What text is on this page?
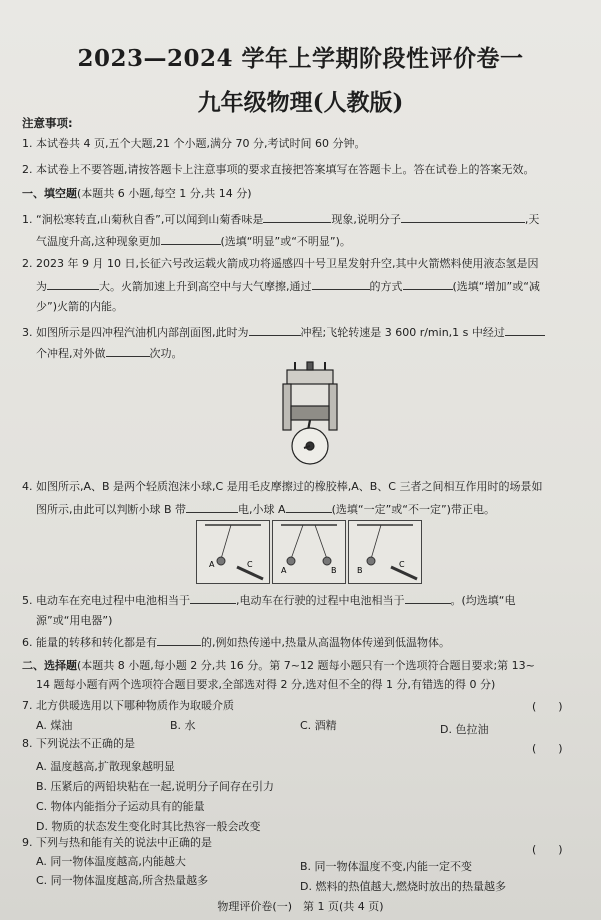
2023—2024 学年上学期阶段性评价卷一
九年级物理(人教版)
注意事项:
1. 本试卷共 4 页,五个大题,21 个小题,满分 70 分,考试时间 60 分钟。
2. 本试卷上不要答题,请按答题卡上注意事项的要求直接把答案填写在答题卡上。答在试卷上的答案无效。
一、填空题(本题共 6 小题,每空 1 分,共 14 分)
1. “涧松寒转直,山菊秋自香”,可以闻到山菊香味是	现象,说明分子	,天
气温度升高,这种现象更加	(选填“明显”或“不明显”)。
2. 2023 年 9 月 10 日,长征六号改运载火箭成功将遥感四十号卫星发射升空,其中火箭燃料使用液态氢是因
为	大。火箭加速上升到高空中与大气摩擦,通过	的方式	(选填“增加”或“减
少”)火箭的内能。
3. 如图所示是四冲程汽油机内部剖面图,此时为	冲程;飞轮转速是 3 600 r/min,1 s 中经过
个冲程,对外做	次功。
4. 如图所示,A、B 是两个轻质泡沫小球,C 是用毛皮摩擦过的橡胶棒,A、B、C 三者之间相互作用时的场景如
图所示,由此可以判断小球 B 带	电,小球 A	(选填“一定”或“不一定”)带正电。
A	C
A	B	B
C
5. 电动车在充电过程中电池相当于	,电动车在行驶的过程中电池相当于	。(均选填“电
源”或“用电器”)
6. 能量的转移和转化都是有	的,例如热传递中,热量从高温物体传递到低温物体。
二、选择题(本题共 8 小题,每小题 2 分,共 16 分。第 7~12 题每小题只有一个选项符合题目要求;第 13~
14 题每小题有两个选项符合题目要求,全部选对得 2 分,选对但不全的得 1 分,有错选的得 0 分)
7. 北方供暖选用以下哪种物质作为取暖介质	(　　)
A. 煤油	B. 水	C. 酒精	D. 色拉油
8. 下列说法不正确的是	(　　)
A. 温度越高,扩散现象越明显
B. 压紧后的两铅块粘在一起,说明分子间存在引力
C. 物体内能指分子运动具有的能量
D. 物质的状态发生变化时其比热容一般会改变
9. 下列与热和能有关的说法中正确的是
(　　)
A. 同一物体温度越高,内能越大	B. 同一物体温度不变,内能一定不变
C. 同一物体温度越高,所含热量越多	D. 燃料的热值越大,燃烧时放出的热量越多
物理评价卷(一)　第 1 页(共 4 页)
